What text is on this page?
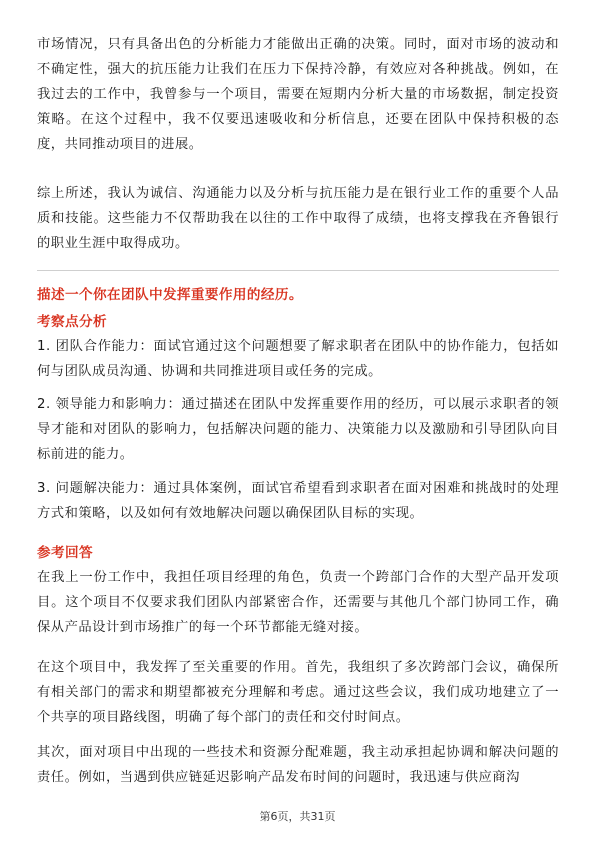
市场情况，只有具备出色的分析能力才能做出正确的决策。同时，面对市场的波动和不确定性，强大的抗压能力让我们在压力下保持冷静，有效应对各种挑战。例如，在我过去的工作中，我曾参与一个项目，需要在短期内分析大量的市场数据，制定投资策略。在这个过程中，我不仅要迅速吸收和分析信息，还要在团队中保持积极的态度，共同推动项目的进展。

综上所述，我认为诚信、沟通能力以及分析与抗压能力是在银行业工作的重要个人品质和技能。这些能力不仅帮助我在以往的工作中取得了成绩，也将支撑我在齐鲁银行的职业生涯中取得成功。

描述一个你在团队中发挥重要作用的经历。

考察点分析

1. 团队合作能力：面试官通过这个问题想要了解求职者在团队中的协作能力，包括如何与团队成员沟通、协调和共同推进项目或任务的完成。

2. 领导能力和影响力：通过描述在团队中发挥重要作用的经历，可以展示求职者的领导才能和对团队的影响力，包括解决问题的能力、决策能力以及激励和引导团队向目标前进的能力。

3. 问题解决能力：通过具体案例，面试官希望看到求职者在面对困难和挑战时的处理方式和策略，以及如何有效地解决问题以确保团队目标的实现。

参考回答

在我上一份工作中，我担任项目经理的角色，负责一个跨部门合作的大型产品开发项目。这个项目不仅要求我们团队内部紧密合作，还需要与其他几个部门协同工作，确保从产品设计到市场推广的每一个环节都能无缝对接。

在这个项目中，我发挥了至关重要的作用。首先，我组织了多次跨部门会议，确保所有相关部门的需求和期望都被充分理解和考虑。通过这些会议，我们成功地建立了一个共享的项目路线图，明确了每个部门的责任和交付时间点。

其次，面对项目中出现的一些技术和资源分配难题，我主动承担起协调和解决问题的责任。例如，当遇到供应链延迟影响产品发布时间的问题时，我迅速与供应商沟

第6页，共31页
